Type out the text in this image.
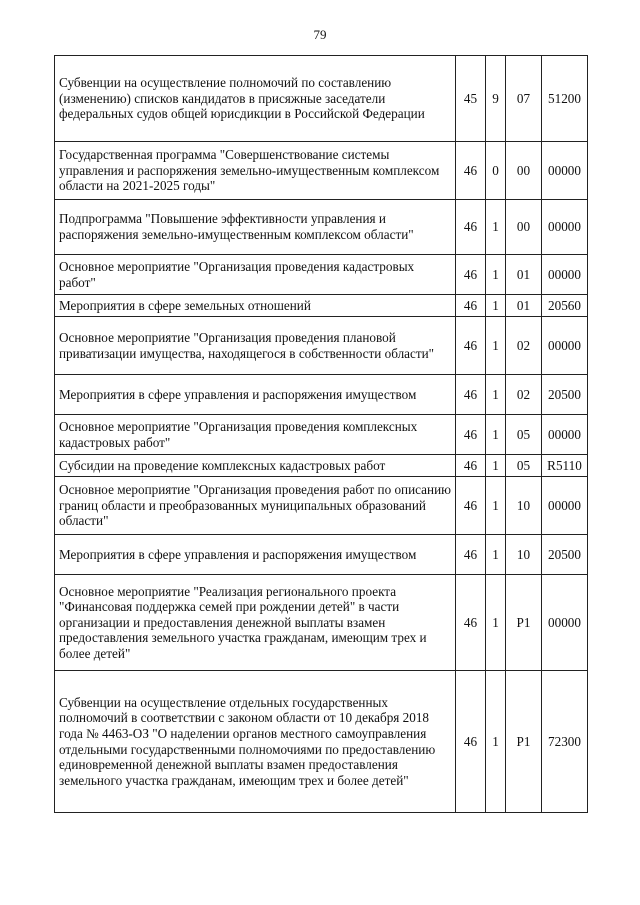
79
Субвенции на осуществление полномочий по составлению (изменению) списков кандидатов в присяжные заседатели федеральных судов общей юрисдикции в Российской Федерации	45	9	07	51200
Государственная программа "Совершенствование системы управления и распоряжения земельно-имущественным комплексом области на 2021-2025 годы"	46	0	00	00000
Подпрограмма "Повышение эффективности управления и распоряжения земельно-имущественным комплексом области"	46	1	00	00000
Основное мероприятие "Организация проведения кадастровых работ"	46	1	01	00000
Мероприятия в сфере земельных отношений	46	1	01	20560
Основное мероприятие "Организация проведения плановой приватизации имущества, находящегося в собственности области"	46	1	02	00000
Мероприятия в сфере управления и распоряжения имуществом	46	1	02	20500
Основное мероприятие "Организация проведения комплексных кадастровых работ"	46	1	05	00000
Субсидии на проведение комплексных кадастровых работ	46	1	05	R5110
Основное мероприятие "Организация проведения работ по описанию границ области и преобразованных муниципальных образований области"	46	1	10	00000
Мероприятия в сфере управления и распоряжения имуществом	46	1	10	20500
Основное мероприятие "Реализация регионального проекта "Финансовая поддержка семей при рождении детей" в части организации и предоставления денежной выплаты взамен предоставления земельного участка гражданам, имеющим трех и более детей"	46	1	Р1	00000
Субвенции на осуществление отдельных государственных полномочий в соответствии с законом области от 10 декабря 2018 года № 4463-ОЗ "О наделении органов местного самоуправления отдельными государственными полномочиями по предоставлению единовременной денежной выплаты взамен предоставления земельного участка гражданам, имеющим трех и более детей"	46	1	Р1	72300
